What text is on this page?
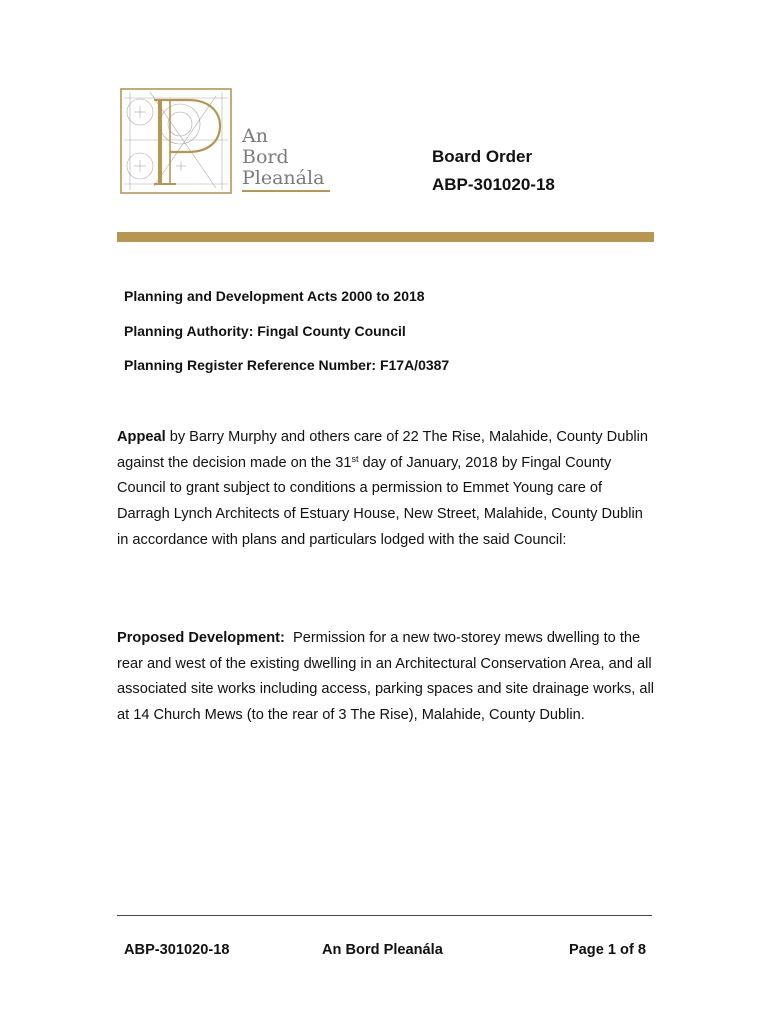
An
Bord
Pleanála
Board Order
ABP-301020-18
Planning and Development Acts 2000 to 2018
Planning Authority: Fingal County Council
Planning Register Reference Number: F17A/0387
Appeal by Barry Murphy and others care of 22 The Rise, Malahide, County Dublin against the decision made on the 31st day of January, 2018 by Fingal County Council to grant subject to conditions a permission to Emmet Young care of Darragh Lynch Architects of Estuary House, New Street, Malahide, County Dublin in accordance with plans and particulars lodged with the said Council:
Proposed Development:  Permission for a new two-storey mews dwelling to the rear and west of the existing dwelling in an Architectural Conservation Area, and all associated site works including access, parking spaces and site drainage works, all at 14 Church Mews (to the rear of 3 The Rise), Malahide, County Dublin.
ABP-301020-18	An Bord Pleanála	Page 1 of 8
